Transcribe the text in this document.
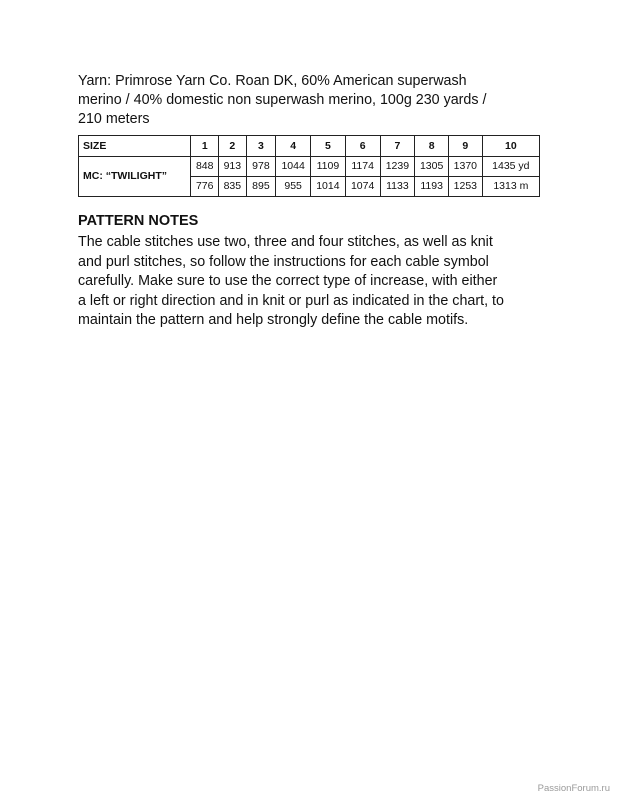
Yarn: Primrose Yarn Co. Roan DK, 60% American superwash
merino / 40% domestic non superwash merino, 100g 230 yards /
210 meters
SIZE	1	2	3	4	5	6	7	8	9	10
MC: “TWILIGHT”	848	913	978	1044	1109	1174	1239	1305	1370	1435 yd
	776	835	895	955	1014	1074	1133	1193	1253	1313 m
PATTERN NOTES
The cable stitches use two, three and four stitches, as well as knit
and purl stitches, so follow the instructions for each cable symbol
carefully. Make sure to use the correct type of increase, with either
a left or right direction and in knit or purl as indicated in the chart, to
maintain the pattern and help strongly define the cable motifs.
PassionForum.ru
